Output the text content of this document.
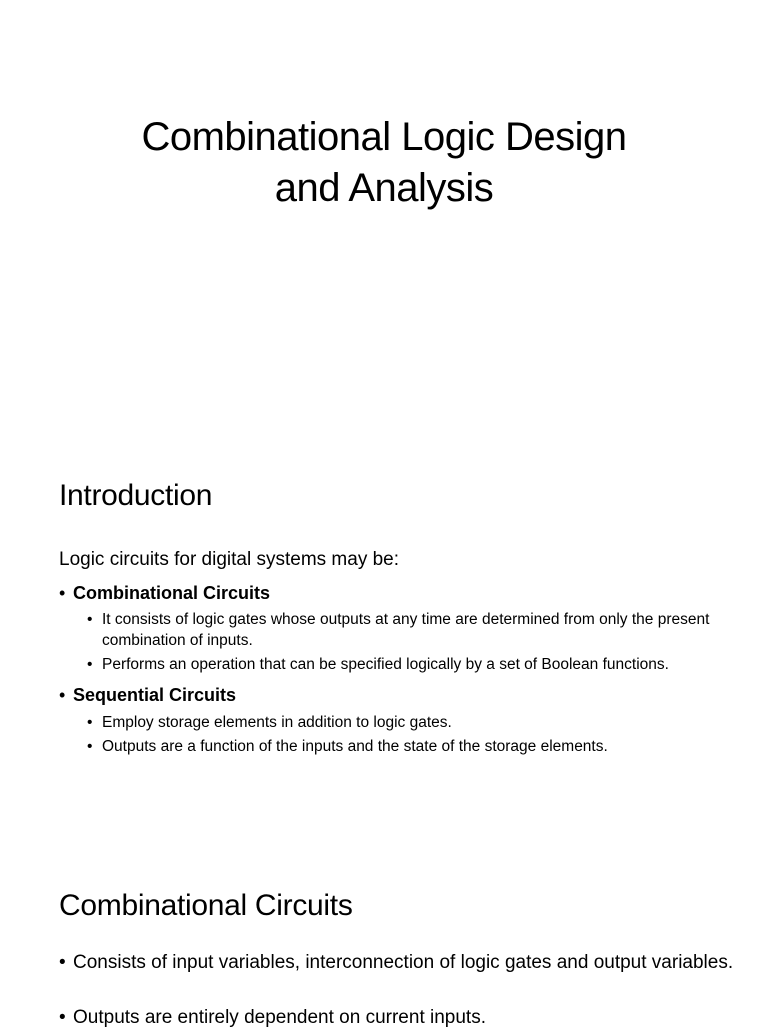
Combinational Logic Design
and Analysis
Introduction
Logic circuits for digital systems may be:
• Combinational Circuits
• It consists of logic gates whose outputs at any time are determined from only the present combination of inputs.
• Performs an operation that can be specified logically by a set of Boolean functions.
• Sequential Circuits
• Employ storage elements in addition to logic gates.
• Outputs are a function of the inputs and the state of the storage elements.
Combinational Circuits
• Consists of input variables, interconnection of logic gates and output variables.
• Outputs are entirely dependent on current inputs.
